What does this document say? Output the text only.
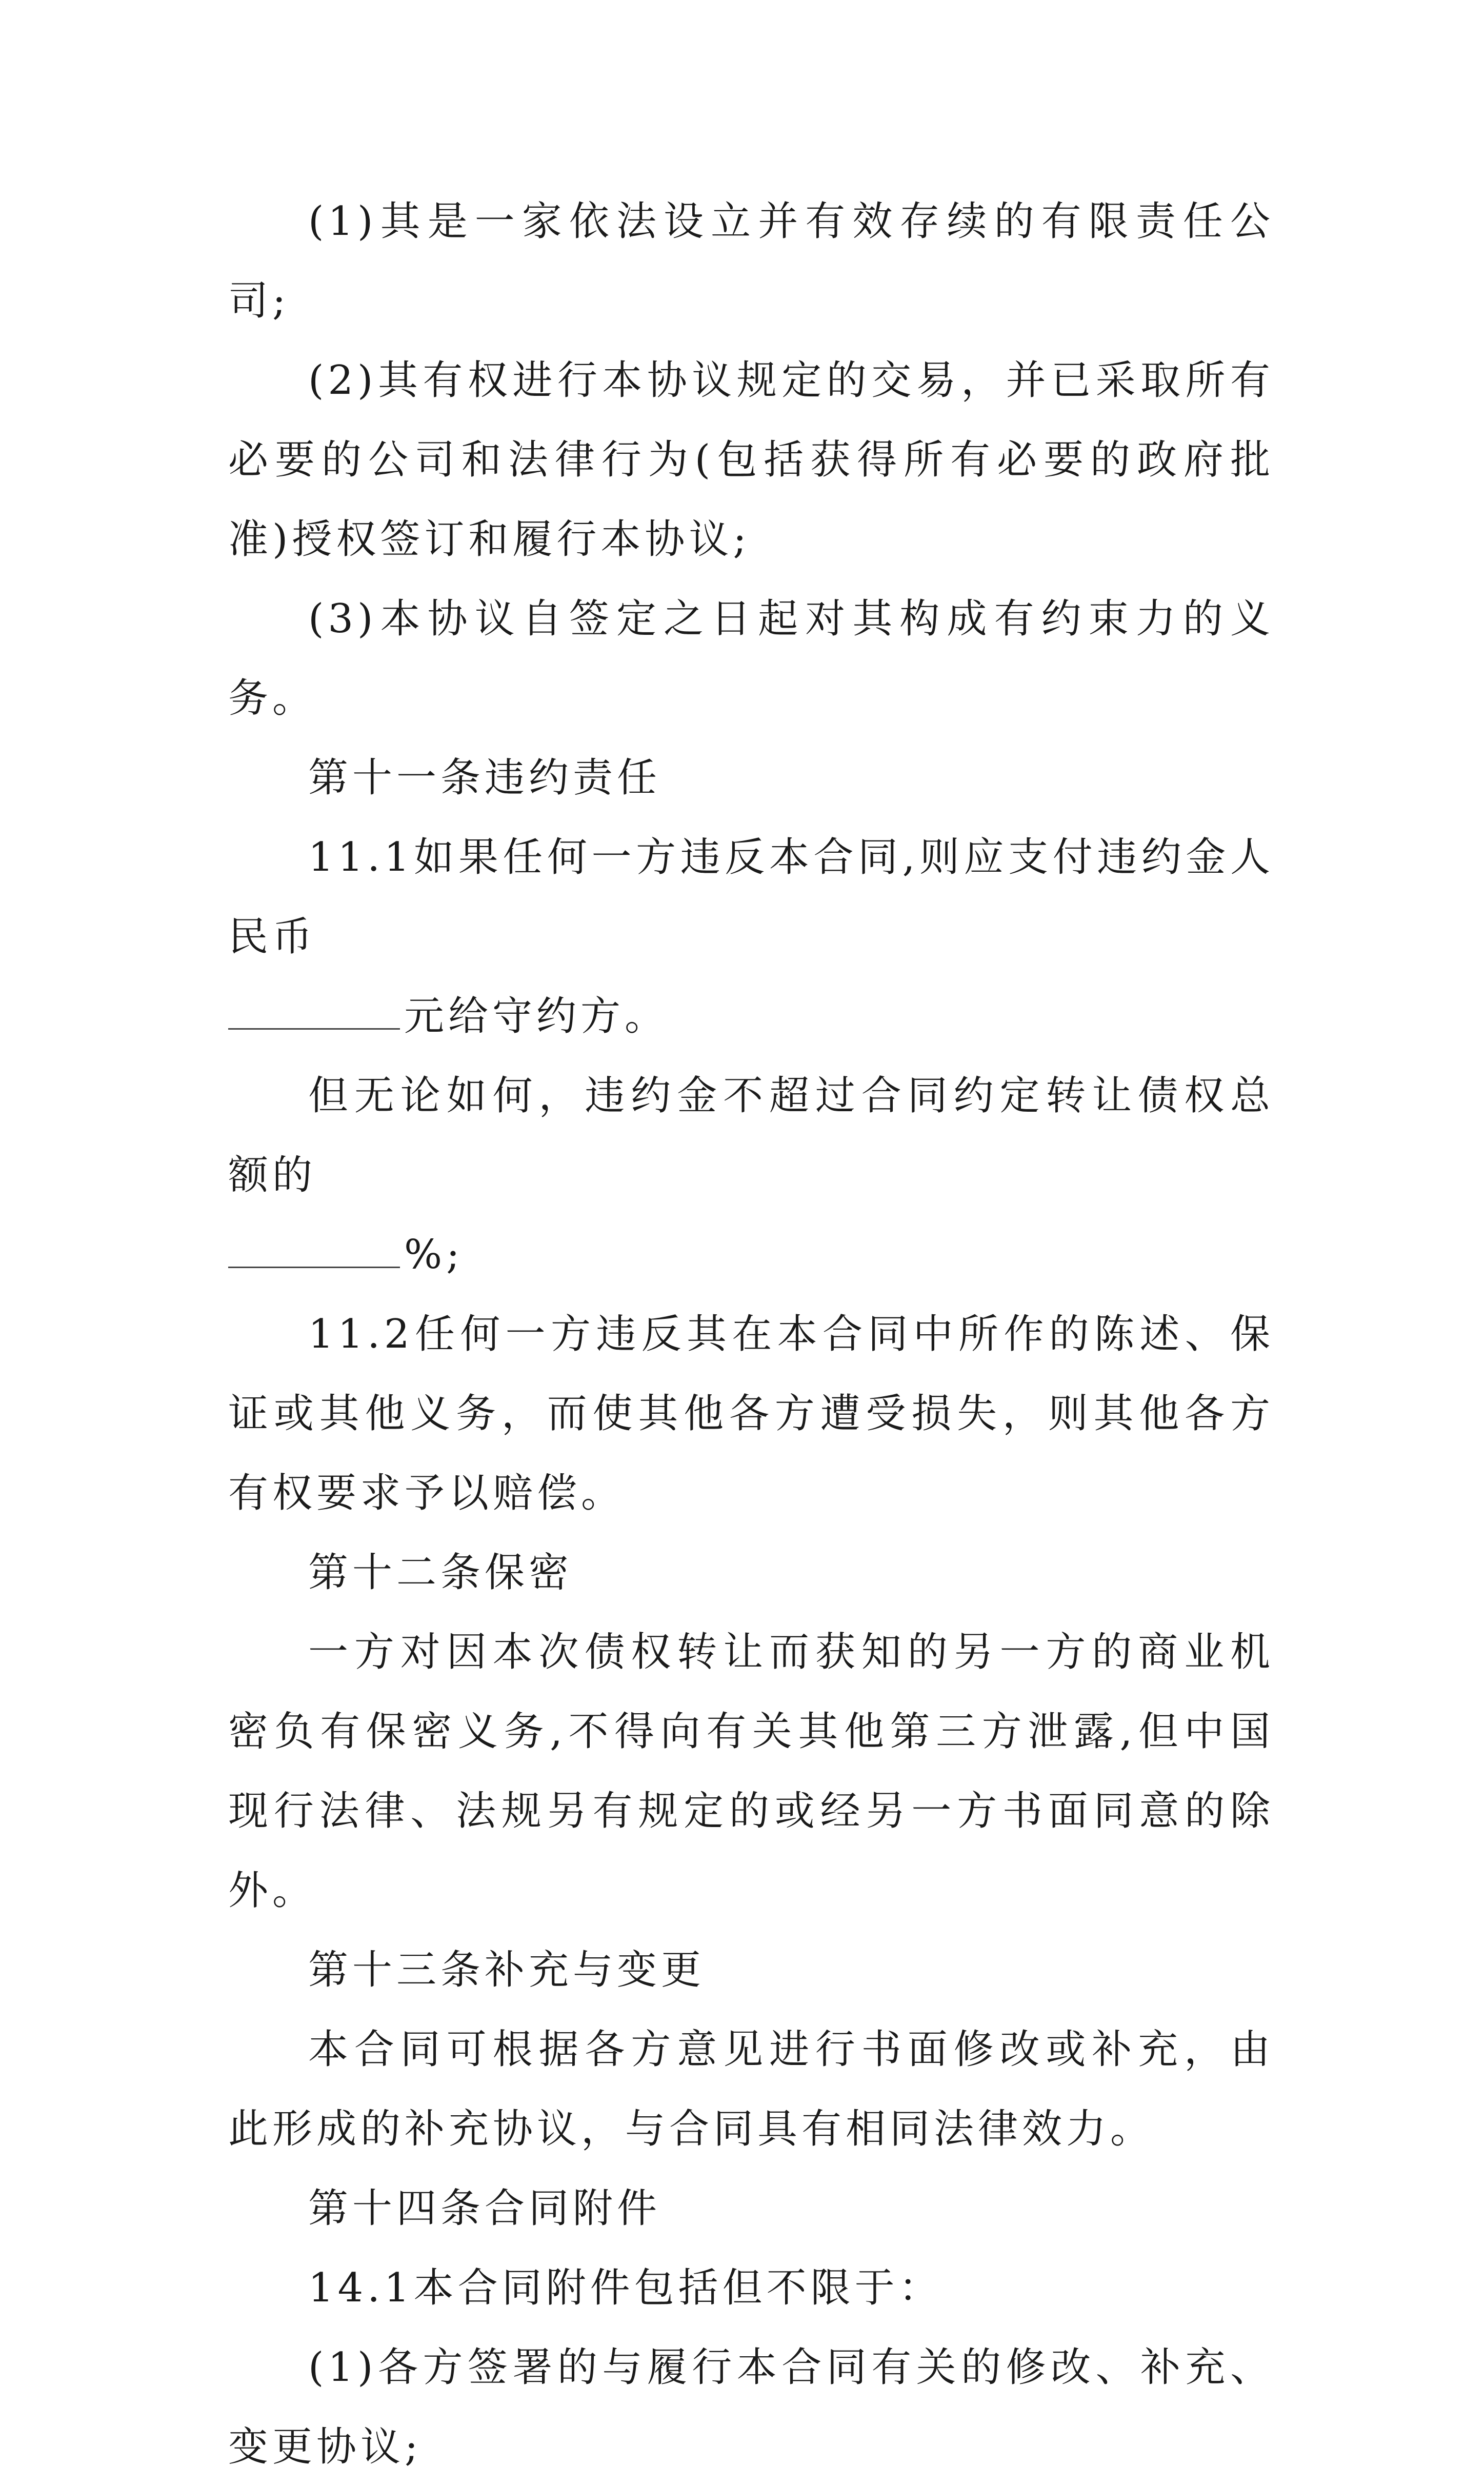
(1)其是一家依法设立并有效存续的有限责任公司;

(2)其有权进行本协议规定的交易，并已采取所有必要的公司和法律行为(包括获得所有必要的政府批准)授权签订和履行本协议;

(3)本协议自签定之日起对其构成有约束力的义务。

第十一条违约责任

11.1如果任何一方违反本合同,则应支付违约金人民币

元给守约方。

但无论如何，违约金不超过合同约定转让债权总额的

%;

11.2任何一方违反其在本合同中所作的陈述、保证或其他义务，而使其他各方遭受损失，则其他各方有权要求予以赔偿。

第十二条保密

一方对因本次债权转让而获知的另一方的商业机密负有保密义务,不得向有关其他第三方泄露,但中国现行法律、法规另有规定的或经另一方书面同意的除外。

第十三条补充与变更

本合同可根据各方意见进行书面修改或补充，由此形成的补充协议，与合同具有相同法律效力。

第十四条合同附件

14.1本合同附件包括但不限于：

(1)各方签署的与履行本合同有关的修改、补充、变更协议;
